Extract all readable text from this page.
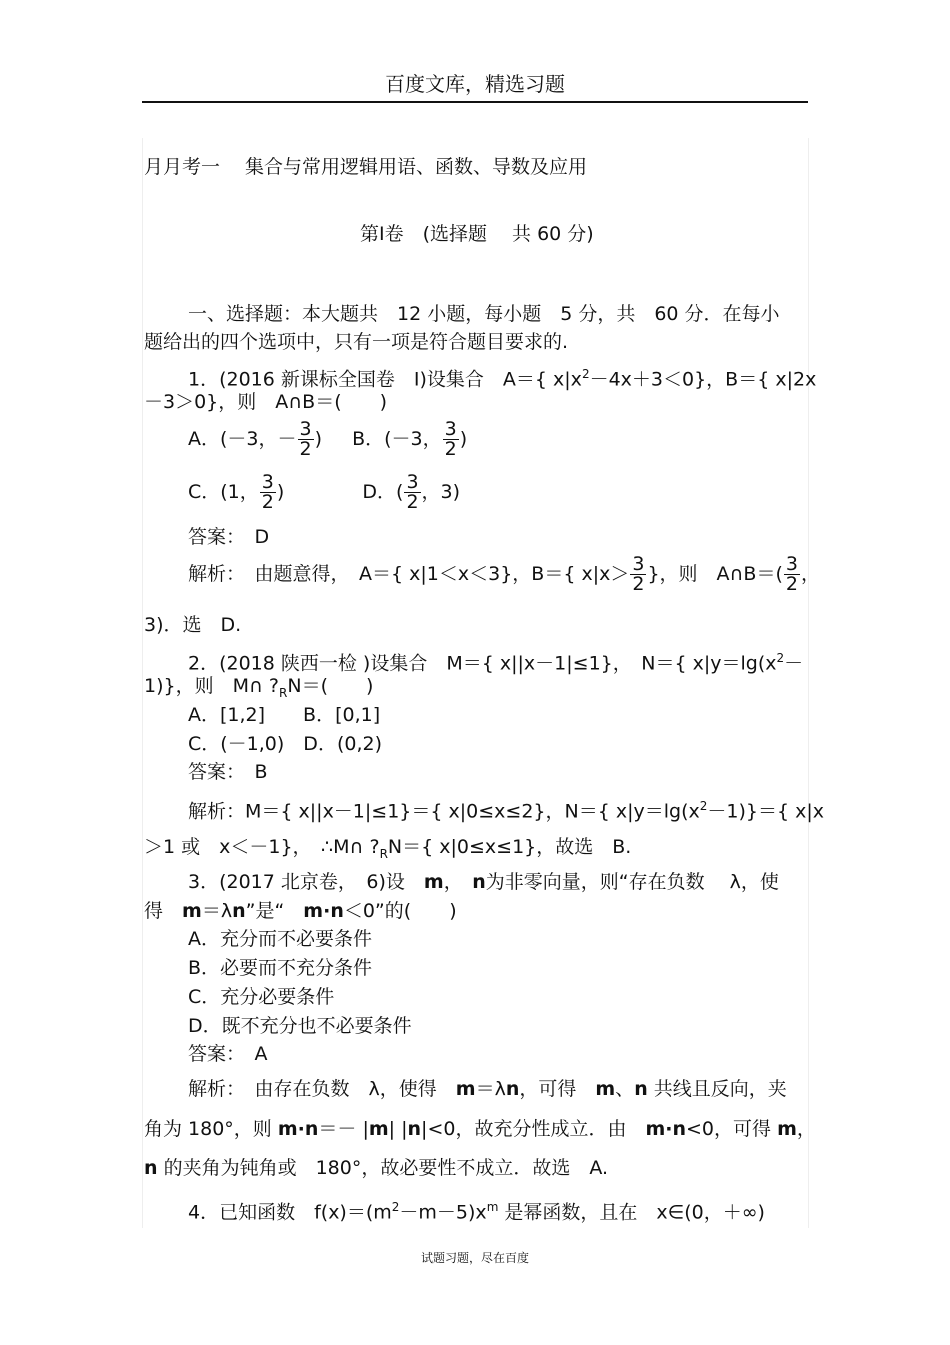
百度文库，精选习题
月月考一　 集合与常用逻辑用语、函数、导数及应用
第Ⅰ卷　(选择题　 共 60 分)
一、选择题：本大题共　12 小题，每小题　5 分，共　60 分．在每小
题给出的四个选项中，只有一项是符合题目要求的.
1．(2016 新课标全国卷　Ⅰ)设集合　A＝{ $x|x^2-4x+3<0$}，B＝{ x|2x
－3＞0}，则　A∩B＝(　　)
A．(－3，－ $\frac{3}{2}$ ) B．(－3， $\frac{3}{2}$ )
C．(1， $\frac{3}{2}$ )	D．( $\frac{3}{2}$ ，3)
答案：　D
解析：　由题意得，　A＝{ x|1＜x＜3}，B＝{ $x|x> \frac{3}{2}$ }，则　A∩B＝( $\frac{3}{2}$ ，
3)．选　D.
2．(2018 陕西一检 )设集合　M＝{ x||x－1|≤1}，　N＝{ $x|y=\lg(x^2-$
1)}，则　M∩ $?_RN=$(　　)
A．[1,2]　　B．[0,1]
C．(－1,0)　D．(0,2)
答案：　B
解析：M＝{ x||x－1|≤1}＝{ x|0≤x≤2}，N＝{ $x|y=\lg(x^2-1)\}=${ x|x
＞1 或　x＜－1}，　∴M∩ $?_RN=${ x|0≤x≤1}，故选　B.
3．(2017 北京卷，　6)设　m，　n为非零向量，则“存在负数　 λ，使
得　m＝λn”是“　m·n＜0”的(　　)
A．充分而不必要条件
B．必要而不充分条件
C．充分必要条件
D．既不充分也不必要条件
答案：　A
解析：　由存在负数　λ，使得　m＝λn，可得　m、n 共线且反向，夹
角为 180°，则 m·n＝－ |m| |n|<0，故充分性成立．由　m·n<0，可得 m，
n 的夹角为钝角或　180°，故必要性不成立．故选　A.
4．已知函数　$f(x)=(m^2-m-5)x^m$ 是幂函数，且在　x∈(0，＋∞)
试题习题，尽在百度
